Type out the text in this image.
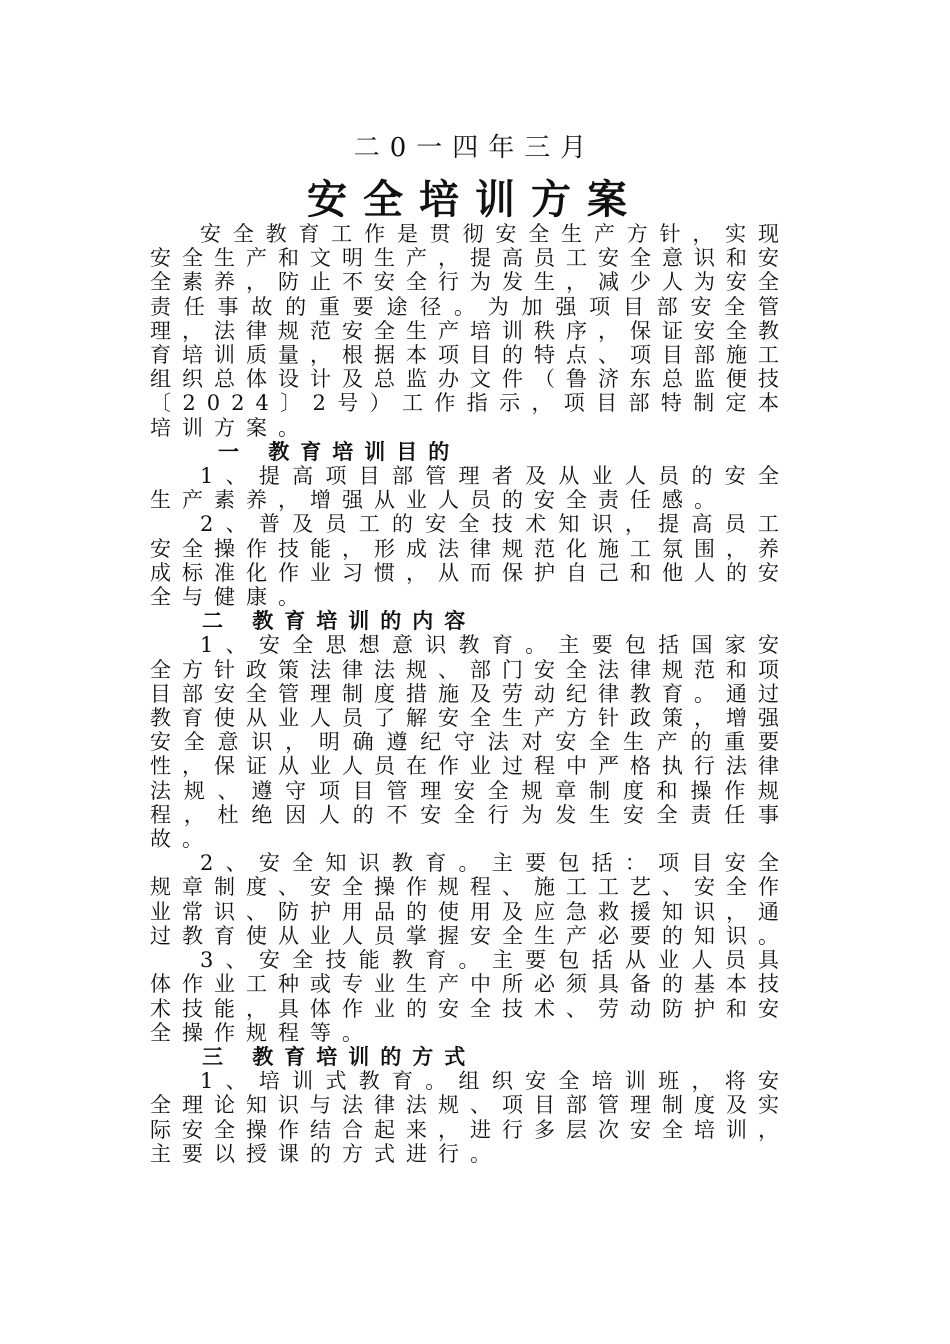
二0一四年三月
安全培训方案

安全教育工作是贯彻安全生产方针，实现安全生产和文明生产，提高员工安全意识和安全素养，防止不安全行为发生，减少人为安全责任事故的重要途径。为加强项目部安全管理，法律规范安全生产培训秩序，保证安全教育培训质量，根据本项目的特点、项目部施工组织总体设计及总监办文件（鲁济东总监便技〔2024〕2号）工作指示，项目部特制定本培训方案。

一 教育培训目的

1、提高项目部管理者及从业人员的安全生产素养，增强从业人员的安全责任感。

2、普及员工的安全技术知识，提高员工安全操作技能，形成法律规范化施工氛围，养成标准化作业习惯，从而保护自己和他人的安全与健康。

二 教育培训的内容

1、安全思想意识教育。主要包括国家安全方针政策法律法规、部门安全法律规范和项目部安全管理制度措施及劳动纪律教育。通过教育使从业人员了解安全生产方针政策，增强安全意识，明确遵纪守法对安全生产的重要性，保证从业人员在作业过程中严格执行法律法规、遵守项目管理安全规章制度和操作规程，杜绝因人的不安全行为发生安全责任事故。

2、安全知识教育。主要包括：项目安全规章制度、安全操作规程、施工工艺、安全作业常识、防护用品的使用及应急救援知识，通过教育使从业人员掌握安全生产必要的知识。

3、安全技能教育。主要包括从业人员具体作业工种或专业生产中所必须具备的基本技术技能，具体作业的安全技术、劳动防护和安全操作规程等。

三 教育培训的方式

1、培训式教育。组织安全培训班，将安全理论知识与法律法规、项目部管理制度及实际安全操作结合起来，进行多层次安全培训，主要以授课的方式进行。
